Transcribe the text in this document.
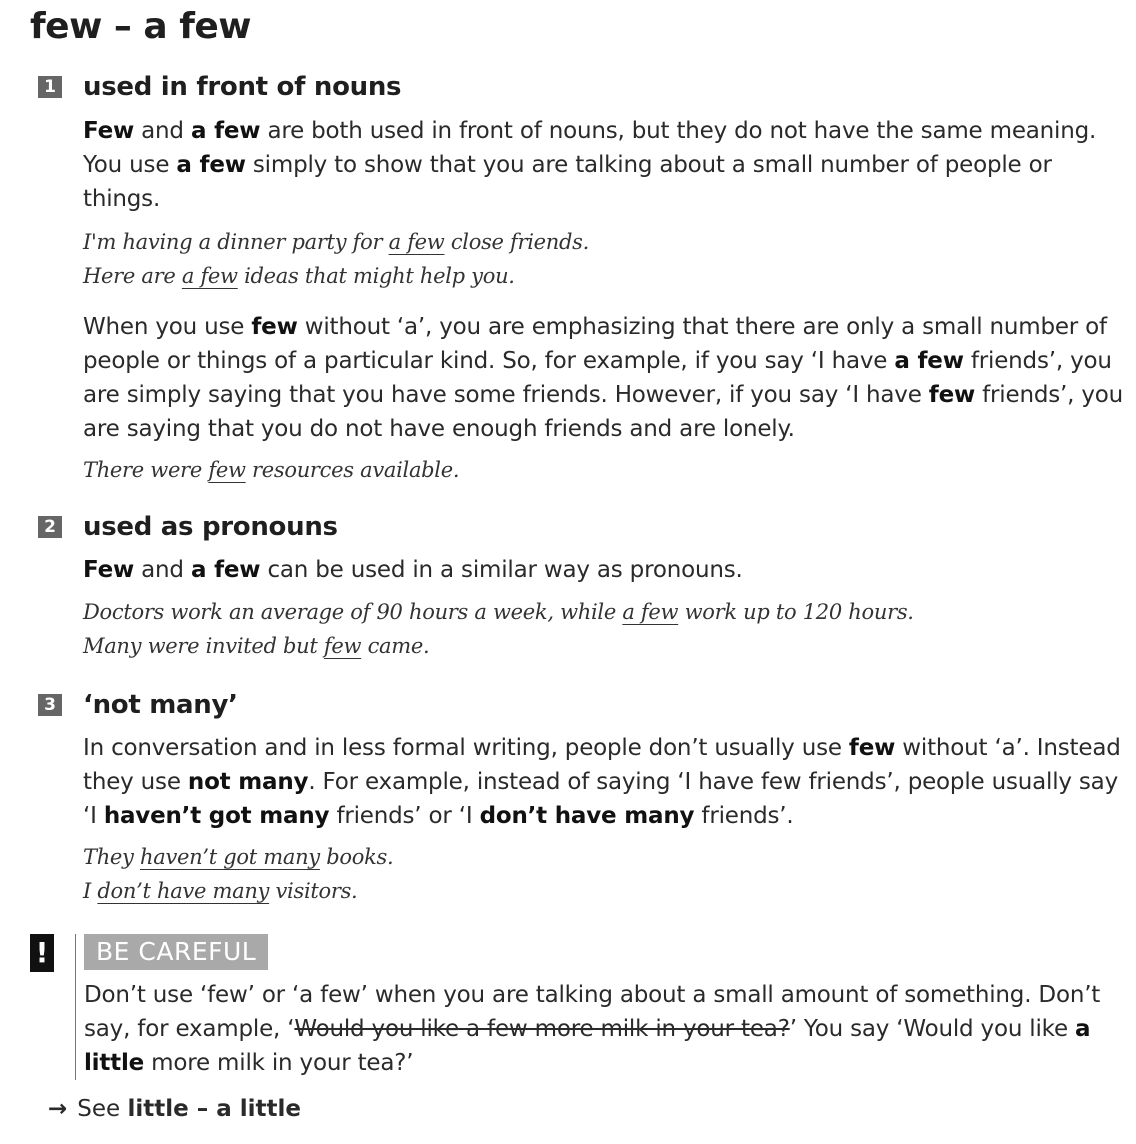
few – a few
1 used in front of nouns
Few and a few are both used in front of nouns, but they do not have the same meaning. You use a few simply to show that you are talking about a small number of people or things.
I'm having a dinner party for a few close friends.
Here are a few ideas that might help you.
When you use few without ‘a’, you are emphasizing that there are only a small number of people or things of a particular kind. So, for example, if you say ‘I have a few friends’, you are simply saying that you have some friends. However, if you say ‘I have few friends’, you are saying that you do not have enough friends and are lonely.
There were few resources available.
2 used as pronouns
Few and a few can be used in a similar way as pronouns.
Doctors work an average of 90 hours a week, while a few work up to 120 hours.
Many were invited but few came.
3 ‘not many’
In conversation and in less formal writing, people don’t usually use few without ‘a’. Instead they use not many. For example, instead of saying ‘I have few friends’, people usually say ‘I haven’t got many friends’ or ‘I don’t have many friends’.
They haven’t got many books.
I don’t have many visitors.
!	BE CAREFUL
Don’t use ‘few’ or ‘a few’ when you are talking about a small amount of something. Don’t say, for example, ‘Would you like a few more milk in your tea?’ You say ‘Would you like a little more milk in your tea?’
→ See little – a little
